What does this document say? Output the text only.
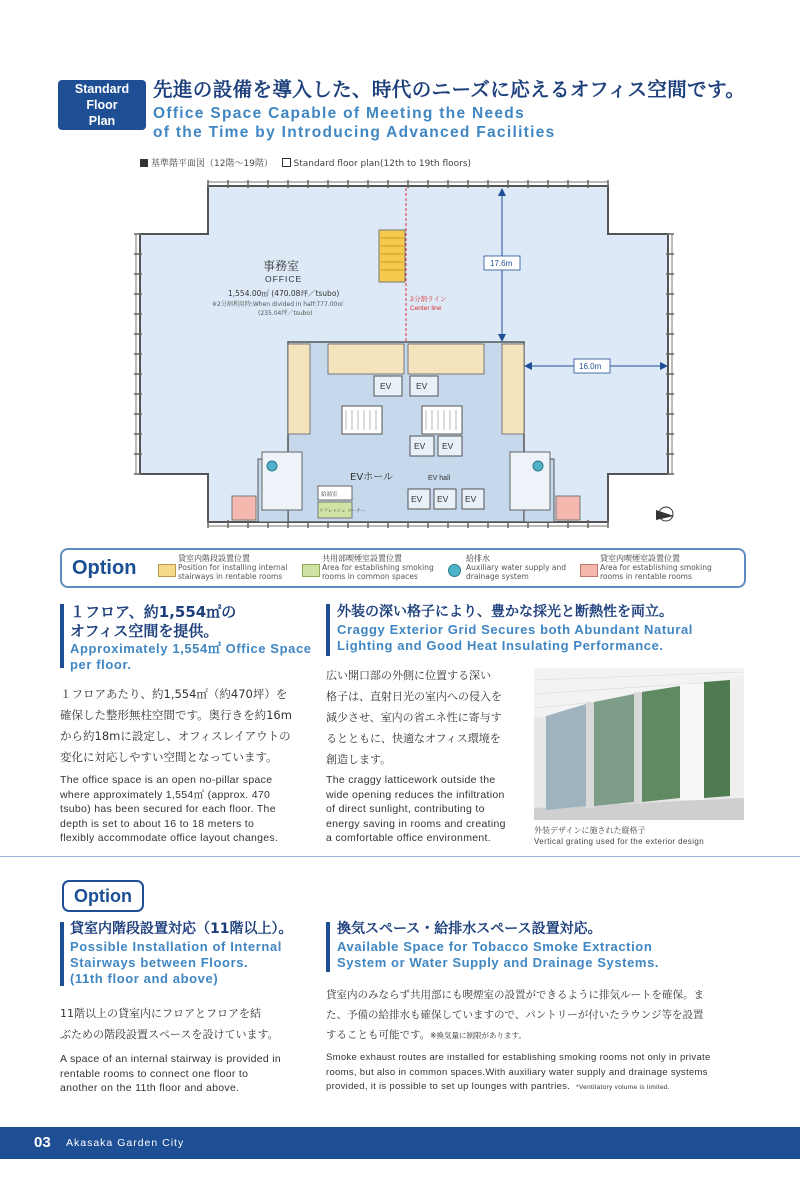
Standard Floor
Plan
先進の設備を導入した、時代のニーズに応えるオフィス空間です。
Office Space Capable of Meeting the Needs
of the Time by Introducing Advanced Facilities
基準階平面図（12階～19階） Standard floor plan(12th to 19th floors)
事務室
OFFICE
1,554.00㎡ (470.08坪／tsubo)
※2分割利用時:When divided in half:777.00㎡
(235.04坪／tsubo)
2分割ライン
Center line
17.6m
16.0m
EV	EV
EV EV
EV EV EV
EVホール	EV hall
給湯室
リフレッシュ コーナー
Option	貸室内階段設置位置
Position for installing internal
stairways in rentable rooms
共用部喫煙室設置位置
Area for establishing smoking
rooms in common spaces
給排水
Auxiliary water supply and
drainage system
貸室内喫煙室設置位置
Area for establishing smoking
rooms in rentable rooms
１フロア、約1,554㎡の
オフィス空間を提供。
Approximately 1,554㎡ Office Space
per floor.
１フロアあたり、約1,554㎡（約470坪）を
確保した整形無柱空間です。奥行きを約16m
から約18mに設定し、オフィスレイアウトの
変化に対応しやすい空間となっています。
The office space is an open no-pillar space
where approximately 1,554㎡ (approx. 470
tsubo) has been secured for each floor. The
depth is set to about 16 to 18 meters to
flexibly accommodate office layout changes.
外装の深い格子により、豊かな採光と断熱性を両立。
Craggy Exterior Grid Secures both Abundant Natural
Lighting and Good Heat Insulating Performance.
広い開口部の外側に位置する深い
格子は、直射日光の室内への侵入を
減少させ、室内の省エネ性に寄与す
るとともに、快適なオフィス環境を
創造します。
The craggy latticework outside the
wide opening reduces the infiltration
of direct sunlight, contributing to
energy saving in rooms and creating
a comfortable office environment.
外装デザインに施された縦格子
Vertical grating used for the exterior design
Option
貸室内階段設置対応（11階以上）。
Possible Installation of Internal
Stairways between Floors.
(11th floor and above)
11階以上の貸室内にフロアとフロアを結
ぶための階段設置スペースを設けています。
A space of an internal stairway is provided in
rentable rooms to connect one floor to
another on the 11th floor and above.
換気スペース・給排水スペース設置対応。
Available Space for Tobacco Smoke Extraction
System or Water Supply and Drainage Systems.
貸室内のみならず共用部にも喫煙室の設置ができるように排気ルートを確保。ま
た、予備の給排水も確保していますので、パントリーが付いたラウンジ等を設置
することも可能です。※換気量に制限があります。
Smoke exhaust routes are installed for establishing smoking rooms not only in private
rooms, but also in common spaces.With auxiliary water supply and drainage systems
provided, it is possible to set up lounges with pantries. *Ventilatory volume is limited.
03 Akasaka Garden City
